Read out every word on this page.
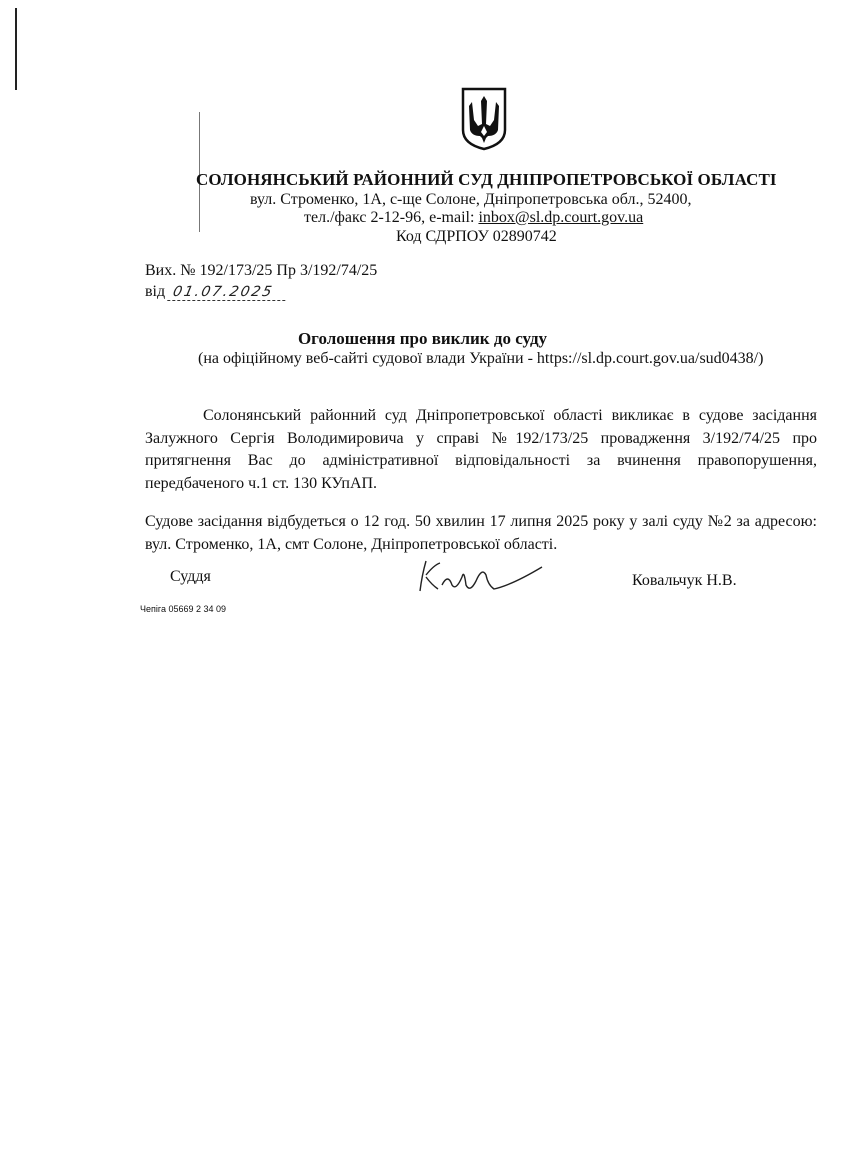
СОЛОНЯНСЬКИЙ РАЙОННИЙ СУД ДНІПРОПЕТРОВСЬКОЇ ОБЛАСТІ
вул. Строменко, 1А, с-ще Солоне, Дніпропетровська обл., 52400,
тел./факс 2-12-96, e-mail: inbox@sl.dp.court.gov.ua
Код СДРПОУ 02890742
Вих. № 192/173/25 Пр 3/192/74/25
від 01.07.2025
Оголошення про виклик до суду
(на офіційному веб-сайті судової влади України - https://sl.dp.court.gov.ua/sud0438/)

Солонянський районний суд Дніпропетровської області викликає в судове засідання Залужного Сергія Володимировича у справі №192/173/25 провадження 3/192/74/25 про притягнення Вас до адміністративної відповідальності за вчинення правопорушення, передбаченого ч.1 ст. 130 КУпАП.

Судове засідання відбудеться о 12 год. 50 хвилин 17 липня 2025 року у залі суду №2 за адресою: вул. Строменко, 1А, смт Солоне, Дніпропетровської області.

Суддя	Ковальчук Н.В.
Чепіга 05669 2 34 09
